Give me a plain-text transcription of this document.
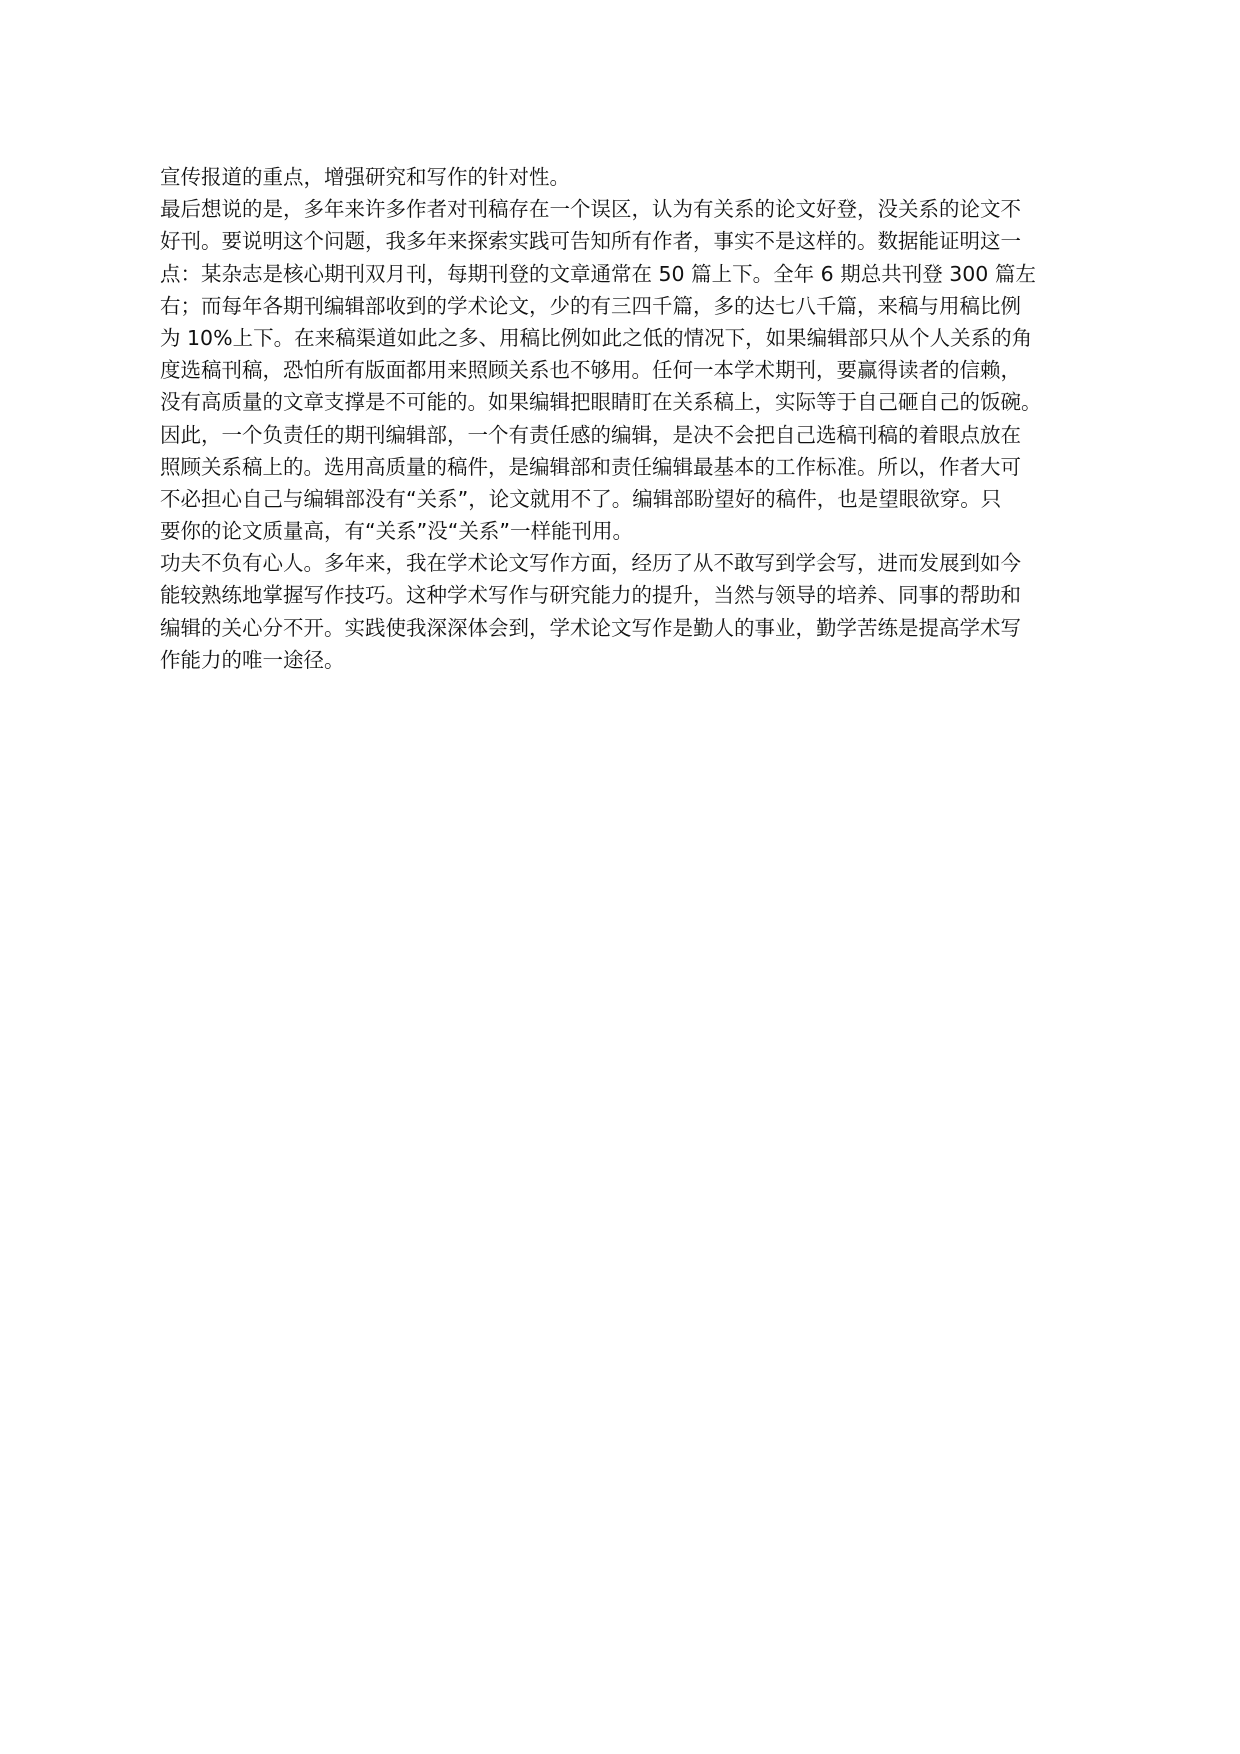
宣传报道的重点，增强研究和写作的针对性。
最后想说的是，多年来许多作者对刊稿存在一个误区，认为有关系的论文好登，没关系的论文不
好刊。要说明这个问题，我多年来探索实践可告知所有作者，事实不是这样的。数据能证明这一
点：某杂志是核心期刊双月刊，每期刊登的文章通常在 50 篇上下。全年 6 期总共刊登 300 篇左
右；而每年各期刊编辑部收到的学术论文，少的有三四千篇，多的达七八千篇，来稿与用稿比例
为 10%上下。在来稿渠道如此之多、用稿比例如此之低的情况下，如果编辑部只从个人关系的角
度选稿刊稿，恐怕所有版面都用来照顾关系也不够用。任何一本学术期刊，要赢得读者的信赖，
没有高质量的文章支撑是不可能的。如果编辑把眼睛盯在关系稿上，实际等于自己砸自己的饭碗。
因此，一个负责任的期刊编辑部，一个有责任感的编辑，是决不会把自己选稿刊稿的着眼点放在
照顾关系稿上的。选用高质量的稿件，是编辑部和责任编辑最基本的工作标准。所以，作者大可
不必担心自己与编辑部没有“关系”，论文就用不了。编辑部盼望好的稿件，也是望眼欲穿。只
要你的论文质量高，有“关系”没“关系”一样能刊用。
功夫不负有心人。多年来，我在学术论文写作方面，经历了从不敢写到学会写，进而发展到如今
能较熟练地掌握写作技巧。这种学术写作与研究能力的提升，当然与领导的培养、同事的帮助和
编辑的关心分不开。实践使我深深体会到，学术论文写作是勤人的事业，勤学苦练是提高学术写
作能力的唯一途径。
